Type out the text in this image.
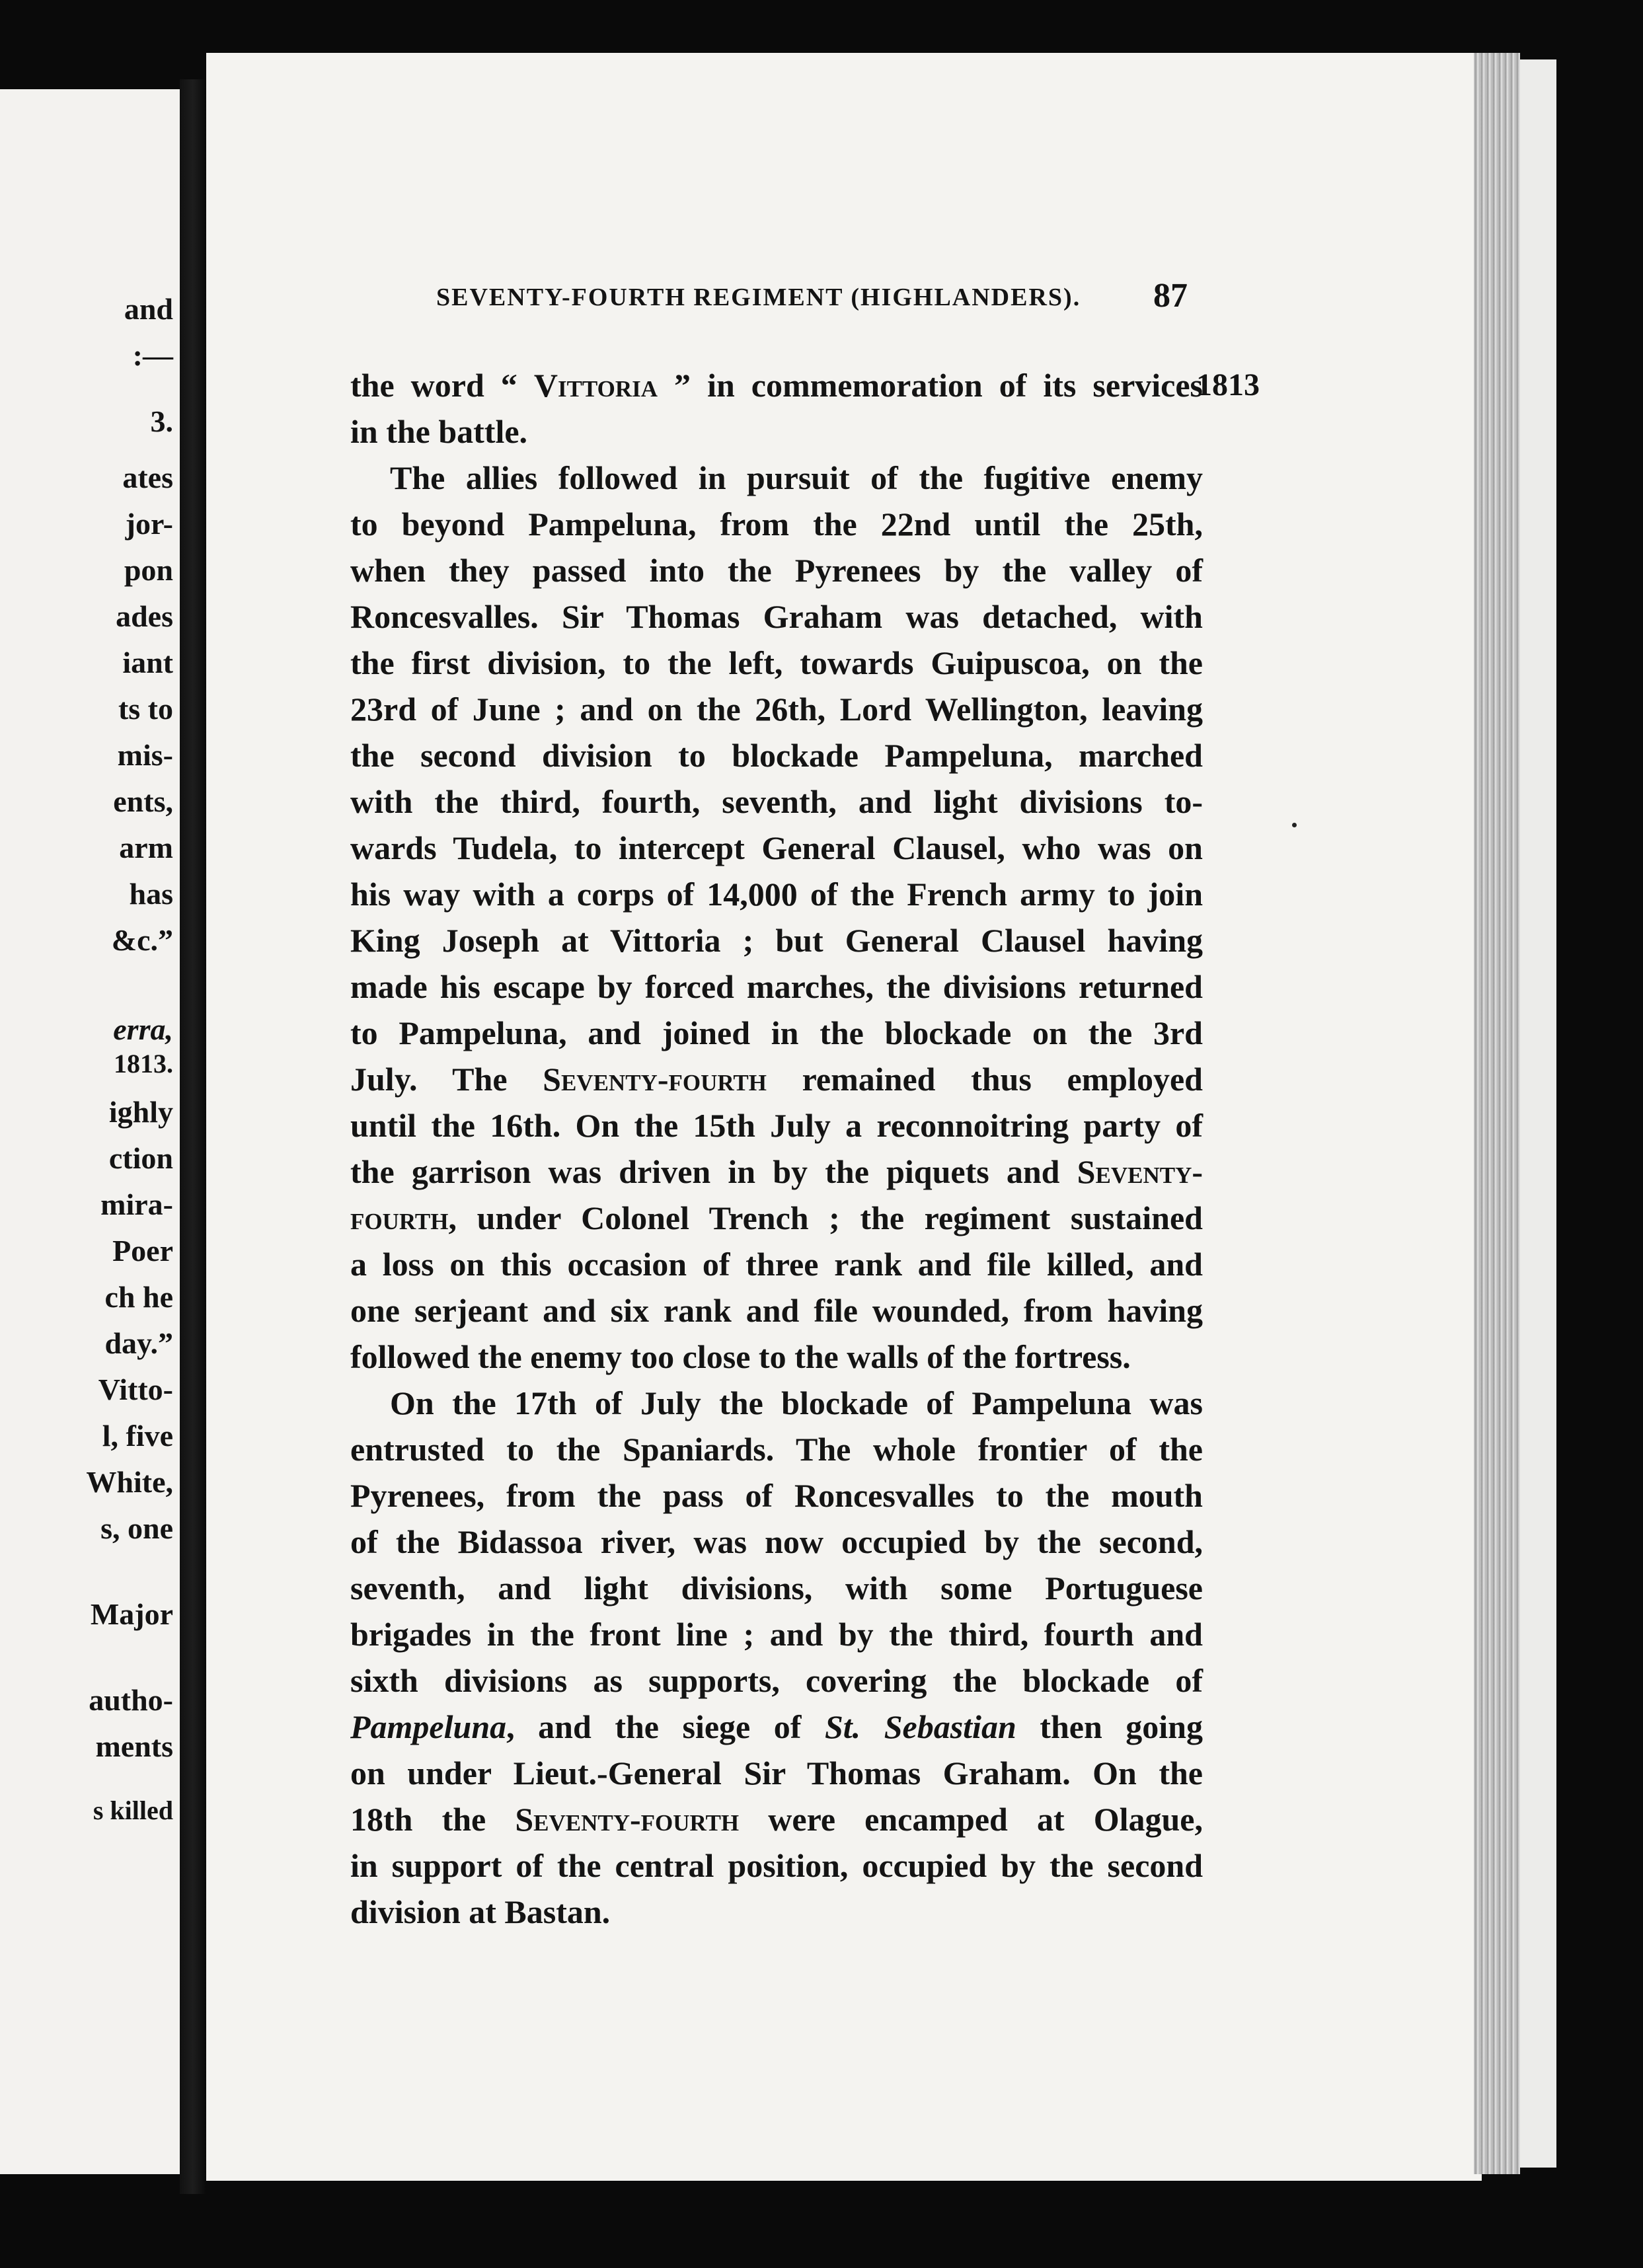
and
:—
3.
ates
jor-
pon
ades
iant
ts to
mis-
ents,
arm
has
&c.”
erra,
1813.
ighly
ction
mira-
Poer
ch he
day.”
Vitto-
l, five
White,
s, one
Major
autho-
ments
s killed
SEVENTY-FOURTH REGIMENT (HIGHLANDERS). 87
1813
the word “ Vittoria ” in commemoration of its services
in the battle.
The allies followed in pursuit of the fugitive enemy
to beyond Pampeluna, from the 22nd until the 25th,
when they passed into the Pyrenees by the valley of
Roncesvalles. Sir Thomas Graham was detached, with
the first division, to the left, towards Guipuscoa, on the
23rd of June ; and on the 26th, Lord Wellington, leaving
the second division to blockade Pampeluna, marched
with the third, fourth, seventh, and light divisions to-
wards Tudela, to intercept General Clausel, who was on
his way with a corps of 14,000 of the French army to join
King Joseph at Vittoria ; but General Clausel having
made his escape by forced marches, the divisions returned
to Pampeluna, and joined in the blockade on the 3rd
July. The Seventy-fourth remained thus employed
until the 16th. On the 15th July a reconnoitring party of
the garrison was driven in by the piquets and Seventy-
fourth, under Colonel Trench ; the regiment sustained
a loss on this occasion of three rank and file killed, and
one serjeant and six rank and file wounded, from having
followed the enemy too close to the walls of the fortress.
On the 17th of July the blockade of Pampeluna was
entrusted to the Spaniards. The whole frontier of the
Pyrenees, from the pass of Roncesvalles to the mouth
of the Bidassoa river, was now occupied by the second,
seventh, and light divisions, with some Portuguese
brigades in the front line ; and by the third, fourth and
sixth divisions as supports, covering the blockade of
Pampeluna, and the siege of St. Sebastian then going
on under Lieut.-General Sir Thomas Graham. On the
18th the Seventy-fourth were encamped at Olague,
in support of the central position, occupied by the second
division at Bastan.
